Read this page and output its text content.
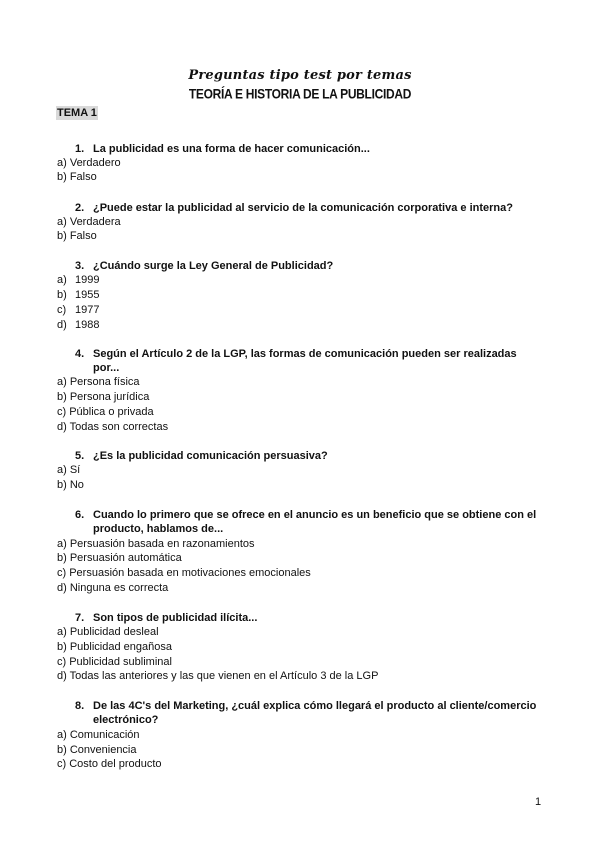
Preguntas tipo test por temas
TEORÍA E HISTORIA DE LA PUBLICIDAD
TEMA 1
1. La publicidad es una forma de hacer comunicación...
a) Verdadero
b) Falso
2. ¿Puede estar la publicidad al servicio de la comunicación corporativa e interna?
a) Verdadera
b) Falso
3. ¿Cuándo surge la Ley General de Publicidad?
a) 1999
b) 1955
c) 1977
d) 1988
4. Según el Artículo 2 de la LGP, las formas de comunicación pueden ser realizadas
por...
a) Persona física
b) Persona jurídica
c) Pública o privada
d) Todas son correctas
5. ¿Es la publicidad comunicación persuasiva?
a) Sí
b) No
6. Cuando lo primero que se ofrece en el anuncio es un beneficio que se obtiene con el
producto, hablamos de...
a) Persuasión basada en razonamientos
b) Persuasión automática
c) Persuasión basada en motivaciones emocionales
d) Ninguna es correcta
7. Son tipos de publicidad ilícita...
a) Publicidad desleal
b) Publicidad engañosa
c) Publicidad subliminal
d) Todas las anteriores y las que vienen en el Artículo 3 de la LGP
8. De las 4C's del Marketing, ¿cuál explica cómo llegará el producto al cliente/comercio
electrónico?
a) Comunicación
b) Conveniencia
c) Costo del producto
1
